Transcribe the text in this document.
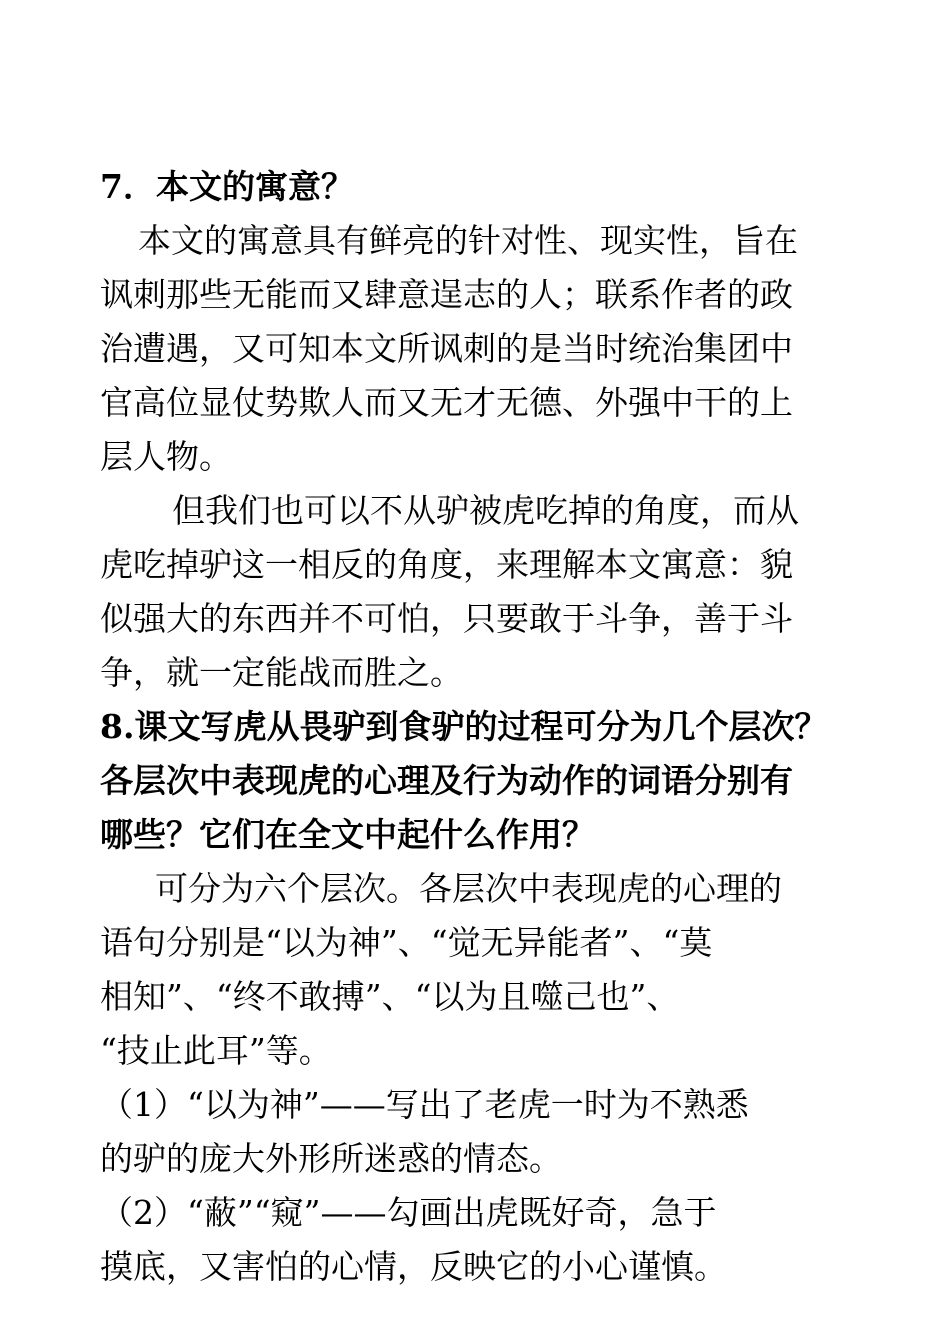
7．本文的寓意？
本文的寓意具有鲜亮的针对性、现实性，旨在
讽刺那些无能而又肆意逞志的人；联系作者的政
治遭遇，又可知本文所讽刺的是当时统治集团中
官高位显仗势欺人而又无才无德、外强中干的上
层人物。
但我们也可以不从驴被虎吃掉的角度，而从
虎吃掉驴这一相反的角度，来理解本文寓意：貌
似强大的东西并不可怕，只要敢于斗争，善于斗
争，就一定能战而胜之。
8.课文写虎从畏驴到食驴的过程可分为几个层次？
各层次中表现虎的心理及行为动作的词语分别有
哪些？它们在全文中起什么作用？
可分为六个层次。各层次中表现虎的心理的
语句分别是“以为神”、“觉无异能者”、“莫
相知”、“终不敢搏”、“以为且噬己也”、
“技止此耳”等。
（1）“以为神”——写出了老虎一时为不熟悉
的驴的庞大外形所迷惑的情态。
（2）“蔽”“窥”——勾画出虎既好奇，急于
摸底，又害怕的心情，反映它的小心谨慎。
